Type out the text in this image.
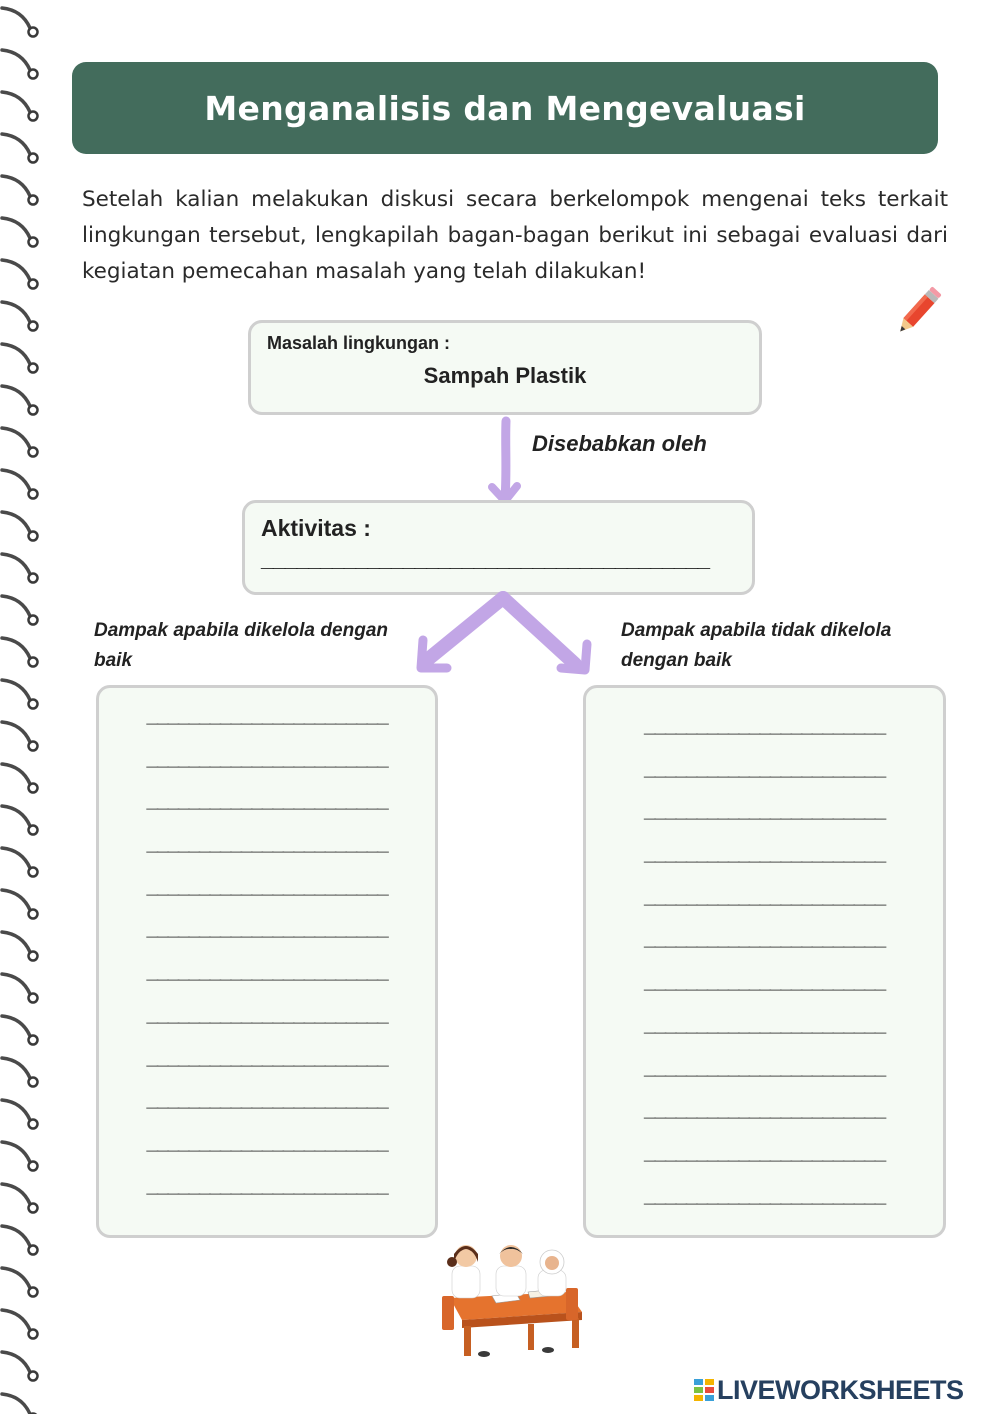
Menganalisis dan Mengevaluasi
Setelah kalian melakukan diskusi secara berkelompok mengenai teks terkait lingkungan tersebut, lengkapilah bagan-bagan berikut ini sebagai evaluasi dari kegiatan pemecahan masalah yang telah dilakukan!
Masalah lingkungan :
Sampah Plastik
Disebabkan oleh
Aktivitas :
______________________________________
Dampak apabila dikelola dengan baik
Dampak apabila tidak dikelola dengan baik
_______________________
_______________________
_______________________
_______________________
_______________________
_______________________
_______________________
_______________________
_______________________
_______________________
_______________________
_______________________
_______________________
_______________________
_______________________
_______________________
_______________________
_______________________
_______________________
_______________________
_______________________
_______________________
_______________________
_______________________
LIVEWORKSHEETS
